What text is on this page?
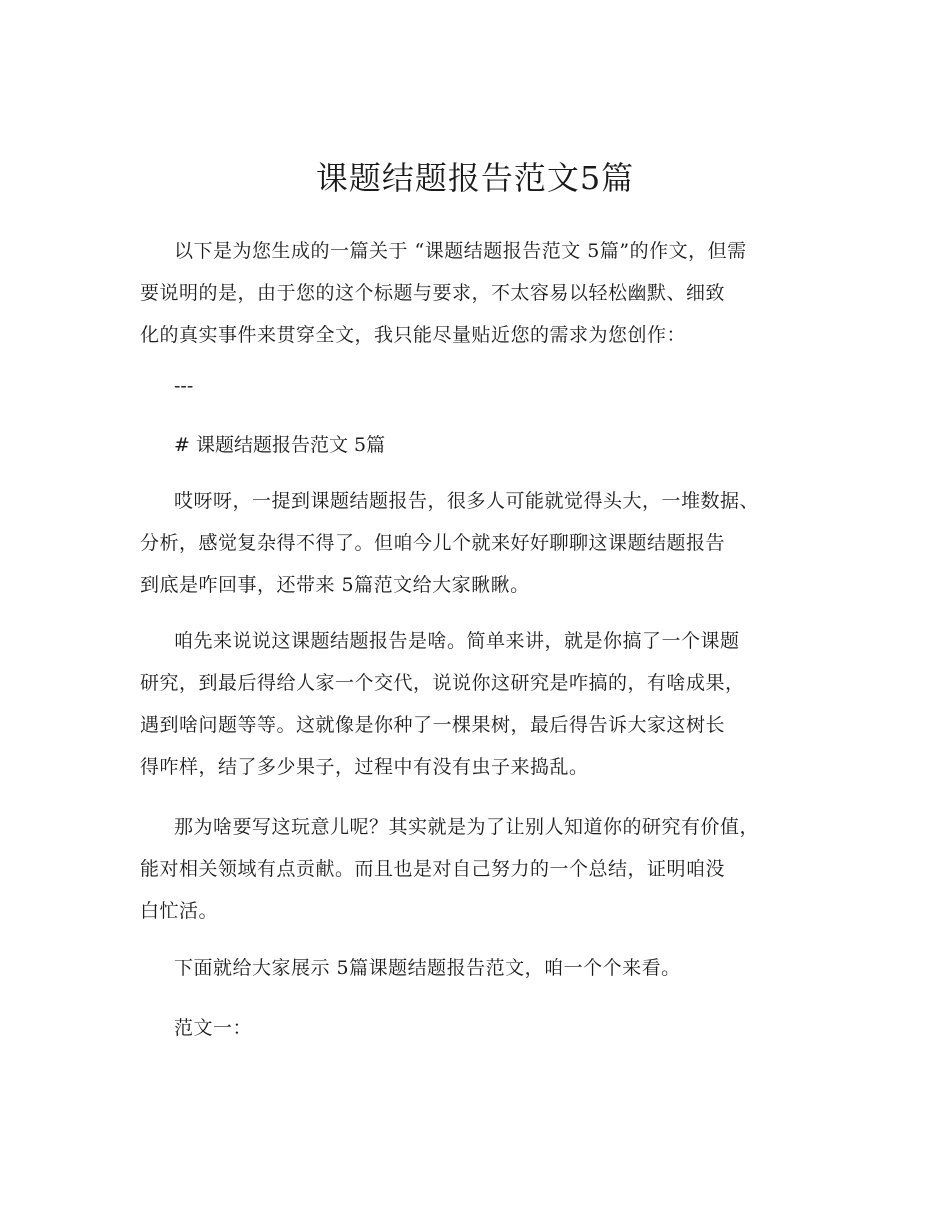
课题结题报告范文5篇

以下是为您生成的一篇关于 “课题结题报告范文 5篇”的作文，但需
要说明的是，由于您的这个标题与要求，不太容易以轻松幽默、细致
化的真实事件来贯穿全文，我只能尽量贴近您的需求为您创作：

---

# 课题结题报告范文 5篇

哎呀呀，一提到课题结题报告，很多人可能就觉得头大，一堆数据、
分析，感觉复杂得不得了。但咱今儿个就来好好聊聊这课题结题报告
到底是咋回事，还带来 5篇范文给大家瞅瞅。

咱先来说说这课题结题报告是啥。简单来讲，就是你搞了一个课题
研究，到最后得给人家一个交代，说说你这研究是咋搞的，有啥成果，
遇到啥问题等等。这就像是你种了一棵果树，最后得告诉大家这树长
得咋样，结了多少果子，过程中有没有虫子来捣乱。

那为啥要写这玩意儿呢？其实就是为了让别人知道你的研究有价值，
能对相关领域有点贡献。而且也是对自己努力的一个总结，证明咱没
白忙活。

下面就给大家展示 5篇课题结题报告范文，咱一个个来看。

范文一：
